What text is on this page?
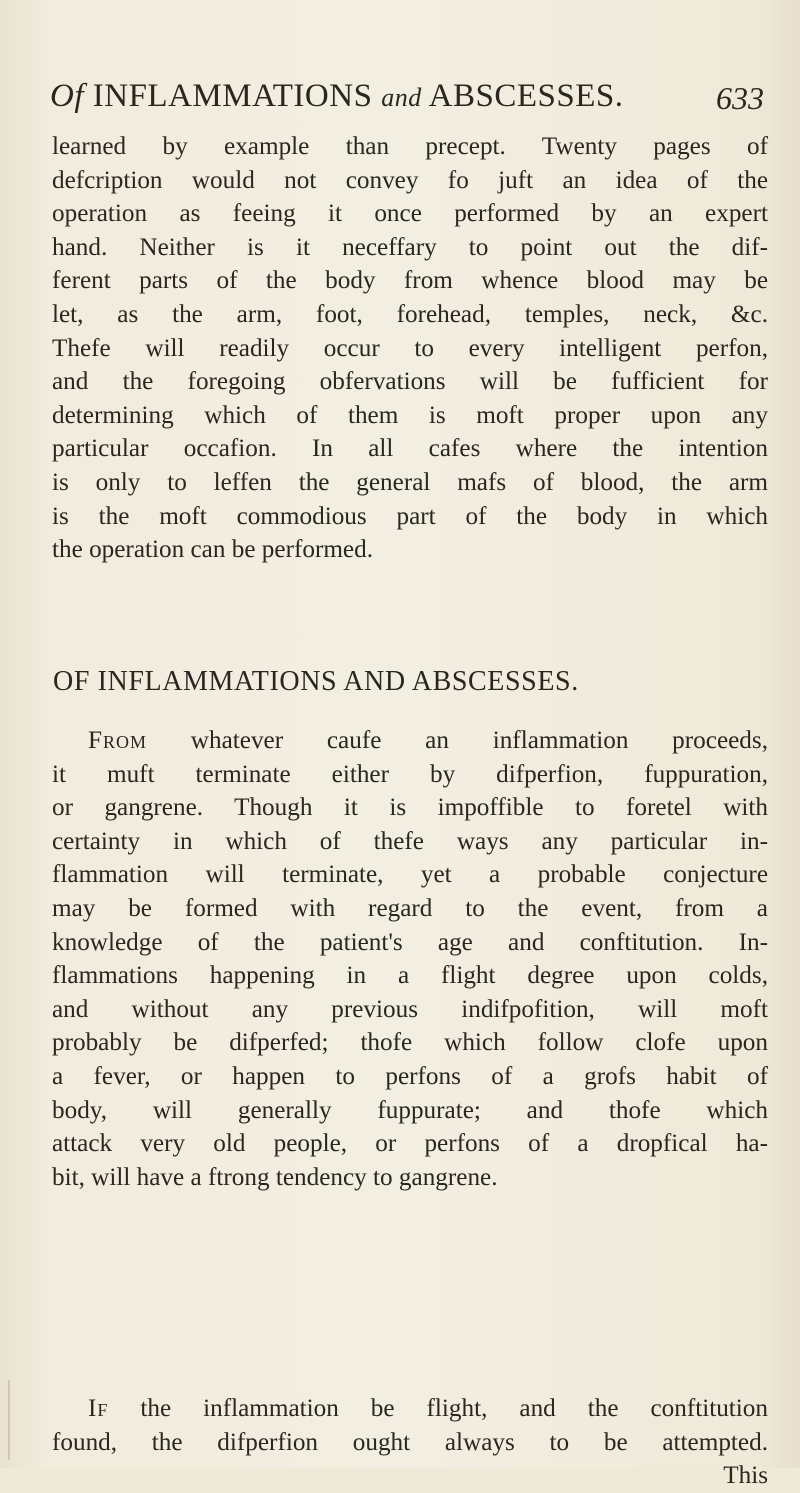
Of INFLAMMATIONS and ABSCESSES.	633
learned by example than precept. Twenty pages of
defcription would not convey fo juft an idea of the
operation as feeing it once performed by an expert
hand. Neither is it neceffary to point out the dif-
ferent parts of the body from whence blood may be
let, as the arm, foot, forehead, temples, neck, &c.
Thefe will readily occur to every intelligent perfon,
and the foregoing obfervations will be fufficient for
determining which of them is moft proper upon any
particular occafion. In all cafes where the intention
is only to leffen the general mafs of blood, the arm
is the moft commodious part of the body in which
the operation can be performed.
OF INFLAMMATIONS AND ABSCESSES.
From whatever caufe an inflammation proceeds,
it muft terminate either by difperfion, fuppuration,
or gangrene. Though it is impoffible to foretel with
certainty in which of thefe ways any particular in-
flammation will terminate, yet a probable conjecture
may be formed with regard to the event, from a
knowledge of the patient's age and conftitution. In-
flammations happening in a flight degree upon colds,
and without any previous indifpofition, will moft
probably be difperfed; thofe which follow clofe upon
a fever, or happen to perfons of a grofs habit of
body, will generally fuppurate; and thofe which
attack very old people, or perfons of a dropfical ha-
bit, will have a ftrong tendency to gangrene.
If the inflammation be flight, and the conftitution
found, the difperfion ought always to be attempted.
This
